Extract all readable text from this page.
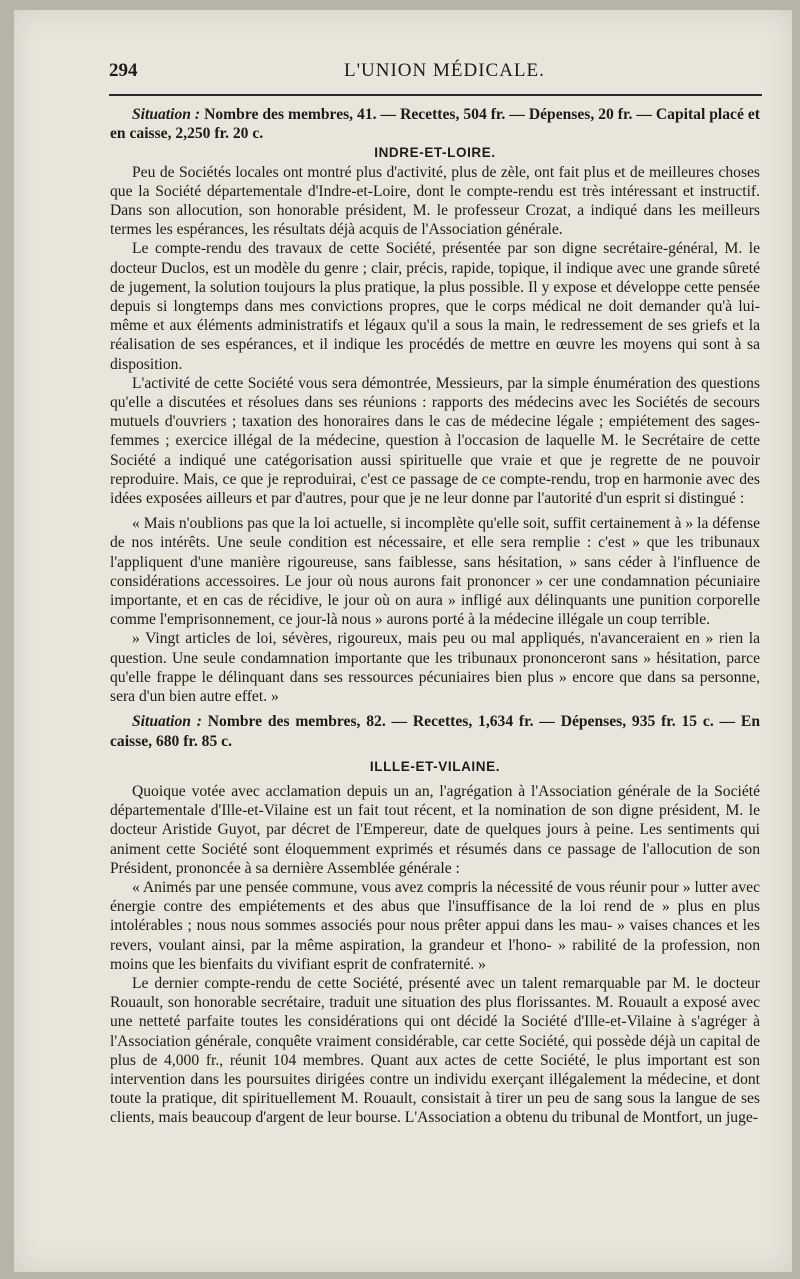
294	L'UNION MÉDICALE.

Situation : Nombre des membres, 41. — Recettes, 504 fr. — Dépenses, 20 fr. — Capital placé et en caisse, 2,250 fr. 20 c.

INDRE-ET-LOIRE.

Peu de Sociétés locales ont montré plus d'activité, plus de zèle, ont fait plus et de meilleures choses que la Société départementale d'Indre-et-Loire, dont le compte-rendu est très intéressant et instructif. Dans son allocution, son honorable président, M. le professeur Crozat, a indiqué dans les meilleurs termes les espérances, les résultats déjà acquis de l'Association générale.

Le compte-rendu des travaux de cette Société, présentée par son digne secrétaire-général, M. le docteur Duclos, est un modèle du genre ; clair, précis, rapide, topique, il indique avec une grande sûreté de jugement, la solution toujours la plus pratique, la plus possible. Il y expose et développe cette pensée depuis si longtemps dans mes convictions propres, que le corps médical ne doit demander qu'à lui-même et aux éléments administratifs et légaux qu'il a sous la main, le redressement de ses griefs et la réalisation de ses espérances, et il indique les procédés de mettre en œuvre les moyens qui sont à sa disposition.

L'activité de cette Société vous sera démontrée, Messieurs, par la simple énumération des questions qu'elle a discutées et résolues dans ses réunions : rapports des médecins avec les Sociétés de secours mutuels d'ouvriers ; taxation des honoraires dans le cas de médecine légale ; empiétement des sages-femmes ; exercice illégal de la médecine, question à l'occasion de laquelle M. le Secrétaire de cette Société a indiqué une catégorisation aussi spirituelle que vraie et que je regrette de ne pouvoir reproduire. Mais, ce que je reproduirai, c'est ce passage de ce compte-rendu, trop en harmonie avec des idées exposées ailleurs et par d'autres, pour que je ne leur donne par l'autorité d'un esprit si distingué :

« Mais n'oublions pas que la loi actuelle, si incomplète qu'elle soit, suffit certainement à » la défense de nos intérêts. Une seule condition est nécessaire, et elle sera remplie : c'est » que les tribunaux l'appliquent d'une manière rigoureuse, sans faiblesse, sans hésitation, » sans céder à l'influence de considérations accessoires. Le jour où nous aurons fait prononcer » cer une condamnation pécuniaire importante, et en cas de récidive, le jour où on aura » infligé aux délinquants une punition corporelle comme l'emprisonnement, ce jour-là nous » aurons porté à la médecine illégale un coup terrible.

» Vingt articles de loi, sévères, rigoureux, mais peu ou mal appliqués, n'avanceraient en » rien la question. Une seule condamnation importante que les tribunaux prononceront sans » hésitation, parce qu'elle frappe le délinquant dans ses ressources pécuniaires bien plus » encore que dans sa personne, sera d'un bien autre effet. »

Situation : Nombre des membres, 82. — Recettes, 1,634 fr. — Dépenses, 935 fr. 15 c. — En caisse, 680 fr. 85 c.

ILLLE-ET-VILAINE.

Quoique votée avec acclamation depuis un an, l'agrégation à l'Association générale de la Société départementale d'Ille-et-Vilaine est un fait tout récent, et la nomination de son digne président, M. le docteur Aristide Guyot, par décret de l'Empereur, date de quelques jours à peine. Les sentiments qui animent cette Société sont éloquemment exprimés et résumés dans ce passage de l'allocution de son Président, prononcée à sa dernière Assemblée générale :

« Animés par une pensée commune, vous avez compris la nécessité de vous réunir pour » lutter avec énergie contre des empiétements et des abus que l'insuffisance de la loi rend de » plus en plus intolérables ; nous nous sommes associés pour nous prêter appui dans les mau- » vaises chances et les revers, voulant ainsi, par la même aspiration, la grandeur et l'hono- » rabilité de la profession, non moins que les bienfaits du vivifiant esprit de confraternité. »

Le dernier compte-rendu de cette Société, présenté avec un talent remarquable par M. le docteur Rouault, son honorable secrétaire, traduit une situation des plus florissantes. M. Rouault a exposé avec une netteté parfaite toutes les considérations qui ont décidé la Société d'Ille-et-Vilaine à s'agréger à l'Association générale, conquête vraiment considérable, car cette Société, qui possède déjà un capital de plus de 4,000 fr., réunit 104 membres. Quant aux actes de cette Société, le plus important est son intervention dans les poursuites dirigées contre un individu exerçant illégalement la médecine, et dont toute la pratique, dit spirituellement M. Rouault, consistait à tirer un peu de sang sous la langue de ses clients, mais beaucoup d'argent de leur bourse. L'Association a obtenu du tribunal de Montfort, un juge-
